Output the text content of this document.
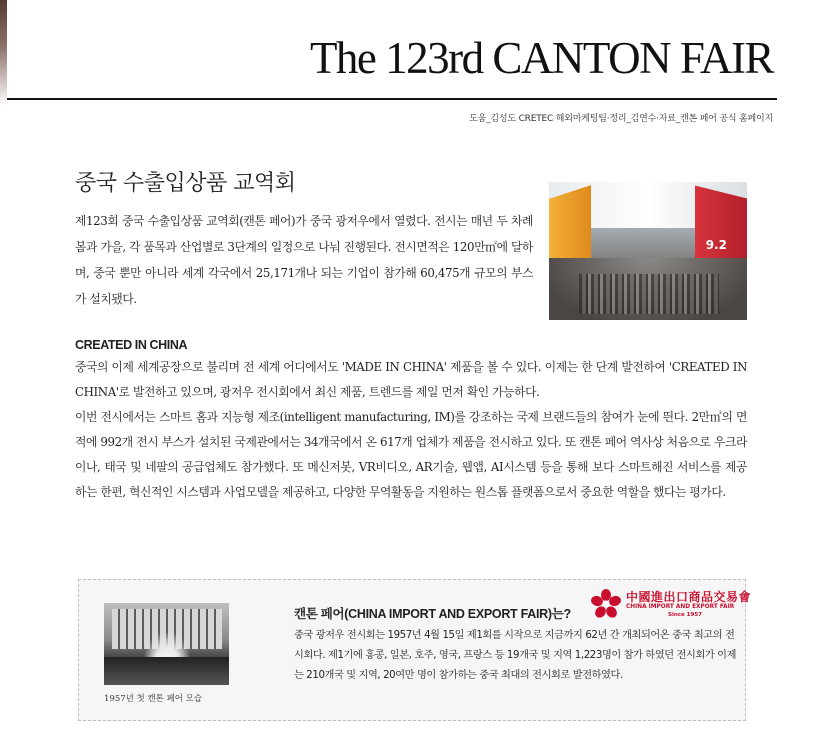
The 123rd CANTON FAIR
도움_김성도 CRETEC 해외마케팅팀·정리_김연수·자료_캔톤 페어 공식 홈페이지
중국 수출입상품 교역회
제123회 중국 수출입상품 교역회(캔톤 페어)가 중국 광저우에서 열렸다. 전시는 매년 두 차례 봄과 가을, 각 품목과 산업별로 3단계의 일정으로 나눠 진행된다. 전시면적은 120만㎡에 달하며, 중국 뿐만 아니라 세계 각국에서 25,171개나 되는 기업이 참가해 60,475개 규모의 부스가 설치됐다.
9.2
CREATED IN CHINA
중국의 이제 세계공장으로 불리며 전 세계 어디에서도 'MADE IN CHINA' 제품을 볼 수 있다. 이제는 한 단계 발전하여 'CREATED IN CHINA'로 발전하고 있으며, 광저우 전시회에서 최신 제품, 트렌드를 제일 먼저 확인 가능하다.
이번 전시에서는 스마트 홈과 지능형 제조(intelligent manufacturing, IM)를 강조하는 국제 브랜드들의 참여가 눈에 띈다. 2만㎡의 면적에 992개 전시 부스가 설치된 국제관에서는 34개국에서 온 617개 업체가 제품을 전시하고 있다. 또 캔톤 페어 역사상 처음으로 우크라이나, 태국 및 네팔의 공급업체도 참가했다. 또 메신저봇, VR비디오, AR기술, 웹앱, AI시스템 등을 통해 보다 스마트해진 서비스를 제공하는 한편, 혁신적인 시스템과 사업모델을 제공하고, 다양한 무역활동을 지원하는 원스톱 플랫폼으로서 중요한 역할을 했다는 평가다.
1957년 첫 캔톤 페어 모습
中國進出口商品交易會
CHINA IMPORT AND EXPORT FAIR
Since 1957
캔톤 페어(CHINA IMPORT AND EXPORT FAIR)는?
중국 광저우 전시회는 1957년 4월 15일 제1회를 시작으로 지금까지 62년 간 개최되어온 중국 최고의 전시회다. 제1기에 홍콩, 일본, 호주, 영국, 프랑스 등 19개국 및 지역 1,223명이 참가 하였던 전시회가 이제는 210개국 및 지역, 20여만 명이 참가하는 중국 최대의 전시회로 발전하였다.
